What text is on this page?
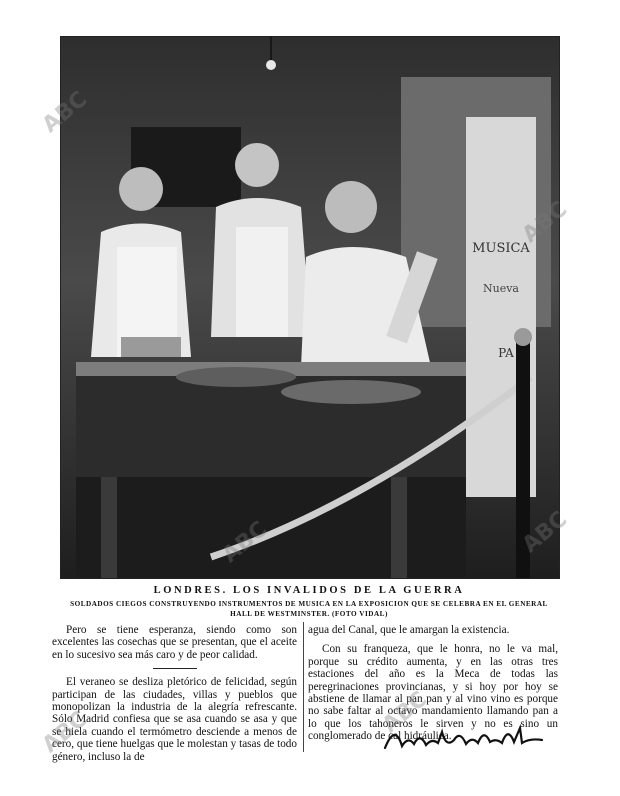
MUSICA
Nueva
PA
LONDRES. LOS INVALIDOS DE LA GUERRA
SOLDADOS CIEGOS CONSTRUYENDO INSTRUMENTOS DE MUSICA EN LA EXPOSICION QUE SE CELEBRA EN EL GENERAL HALL DE WESTMINSTER. (FOTO VIDAL)

Pero se tiene esperanza, siendo como son excelentes las cosechas que se presentan, que el aceite en lo sucesivo sea más caro y de peor calidad.

El veraneo se desliza pletórico de felicidad, según participan de las ciudades, villas y pueblos que monopolizan la industria de la alegría refrescante. Sólo Madrid confiesa que se asa cuando se asa y que se hiela cuando el termómetro desciende a menos de cero, que tiene huelgas que le molestan y tasas de todo género, incluso la de

agua del Canal, que le amargan la existencia.

Con su franqueza, que le honra, no le va mal, porque su crédito aumenta, y en las otras tres estaciones del año es la Meca de todas las peregrinaciones provincianas, y si hoy por hoy se abstiene de llamar al pan pan y al vino vino es porque no sabe faltar al octavo mandamiento llamando pan a lo que los tahoneros le sirven y no es sino un conglomerado de cal hidráulica.

ABC
ABC
ABC
ABC
ABC	ABC
